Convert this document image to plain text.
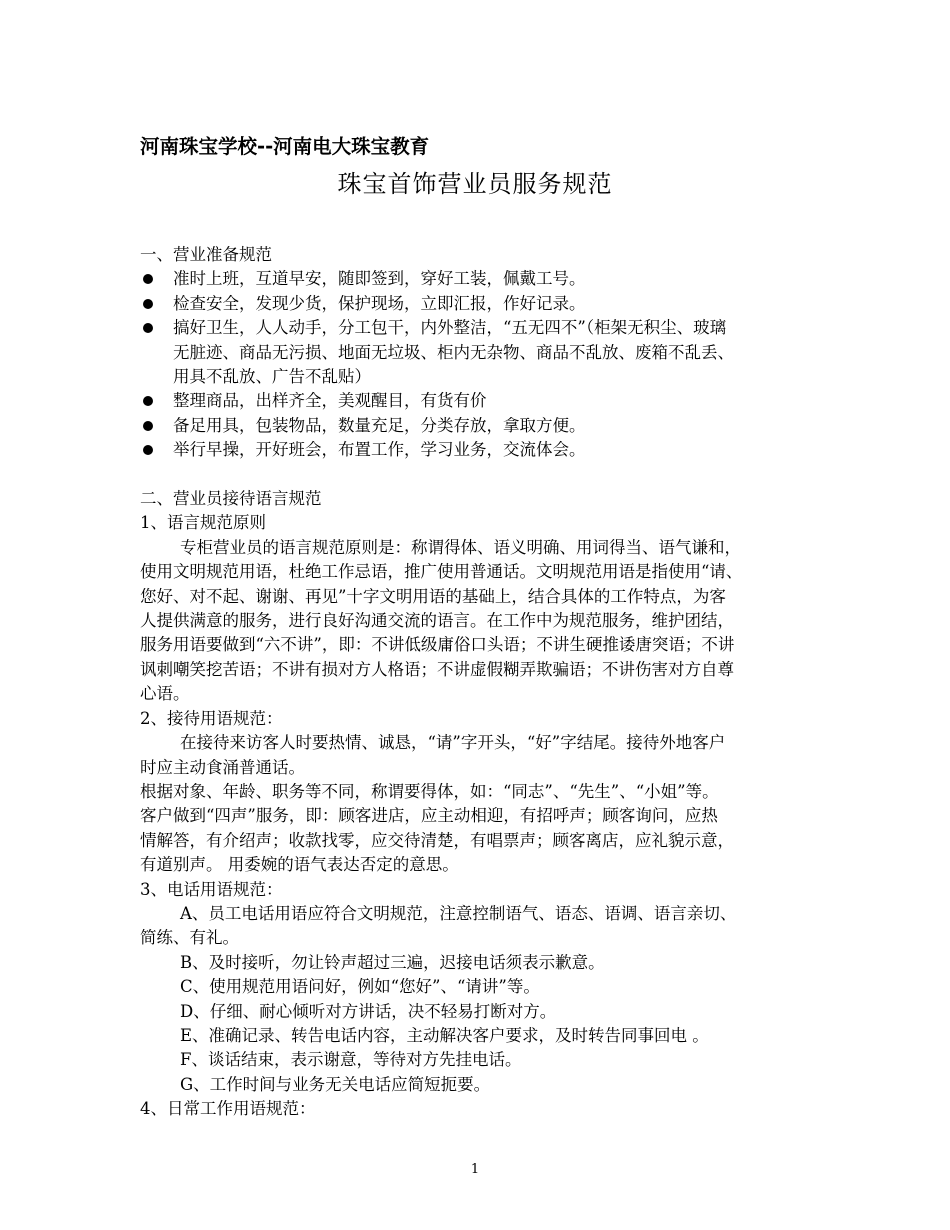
河南珠宝学校--河南电大珠宝教育
珠宝首饰营业员服务规范
一、营业准备规范
准时上班，互道早安，随即签到，穿好工装，佩戴工号。
检查安全，发现少货，保护现场，立即汇报，作好记录。
搞好卫生，人人动手，分工包干，内外整洁，“五无四不”（柜架无积尘、玻璃
无脏迹、商品无污损、地面无垃圾、柜内无杂物、商品不乱放、废箱不乱丢、
用具不乱放、广告不乱贴）
整理商品，出样齐全，美观醒目，有货有价
备足用具，包装物品，数量充足，分类存放，拿取方便。
举行早操，开好班会，布置工作，学习业务，交流体会。
二、营业员接待语言规范
1、语言规范原则
专柜营业员的语言规范原则是：称谓得体、语义明确、用词得当、语气谦和，
使用文明规范用语，杜绝工作忌语，推广使用普通话。文明规范用语是指使用“请、
您好、对不起、谢谢、再见”十字文明用语的基础上，结合具体的工作特点，为客
人提供满意的服务，进行良好沟通交流的语言。在工作中为规范服务，维护团结，
服务用语要做到“六不讲”，即：不讲低级庸俗口头语；不讲生硬推诿唐突语；不讲
讽刺嘲笑挖苦语；不讲有损对方人格语；不讲虚假糊弄欺骗语；不讲伤害对方自尊
心语。
2、接待用语规范：
在接待来访客人时要热情、诚恳，“请”字开头，“好”字结尾。接待外地客户
时应主动食涌普通话。
根据对象、年龄、职务等不同，称谓要得体，如：“同志”、“先生”、“小姐”等。
客户做到“四声”服务，即：顾客进店，应主动相迎，有招呼声；顾客询问，应热
情解答，有介绍声；收款找零，应交待清楚，有唱票声；顾客离店，应礼貌示意，
有道别声。 用委婉的语气表达否定的意思。
3、电话用语规范：
A、员工电话用语应符合文明规范，注意控制语气、语态、语调、语言亲切、
简练、有礼。
B、及时接听，勿让铃声超过三遍，迟接电话须表示歉意。
C、使用规范用语问好，例如“您好”、“请讲”等。
D、仔细、耐心倾听对方讲话，决不轻易打断对方。
E、准确记录、转告电话内容，主动解决客户要求，及时转告同事回电 。
F、谈话结束，表示谢意，等待对方先挂电话。
G、工作时间与业务无关电话应简短扼要。
4、日常工作用语规范：
1
